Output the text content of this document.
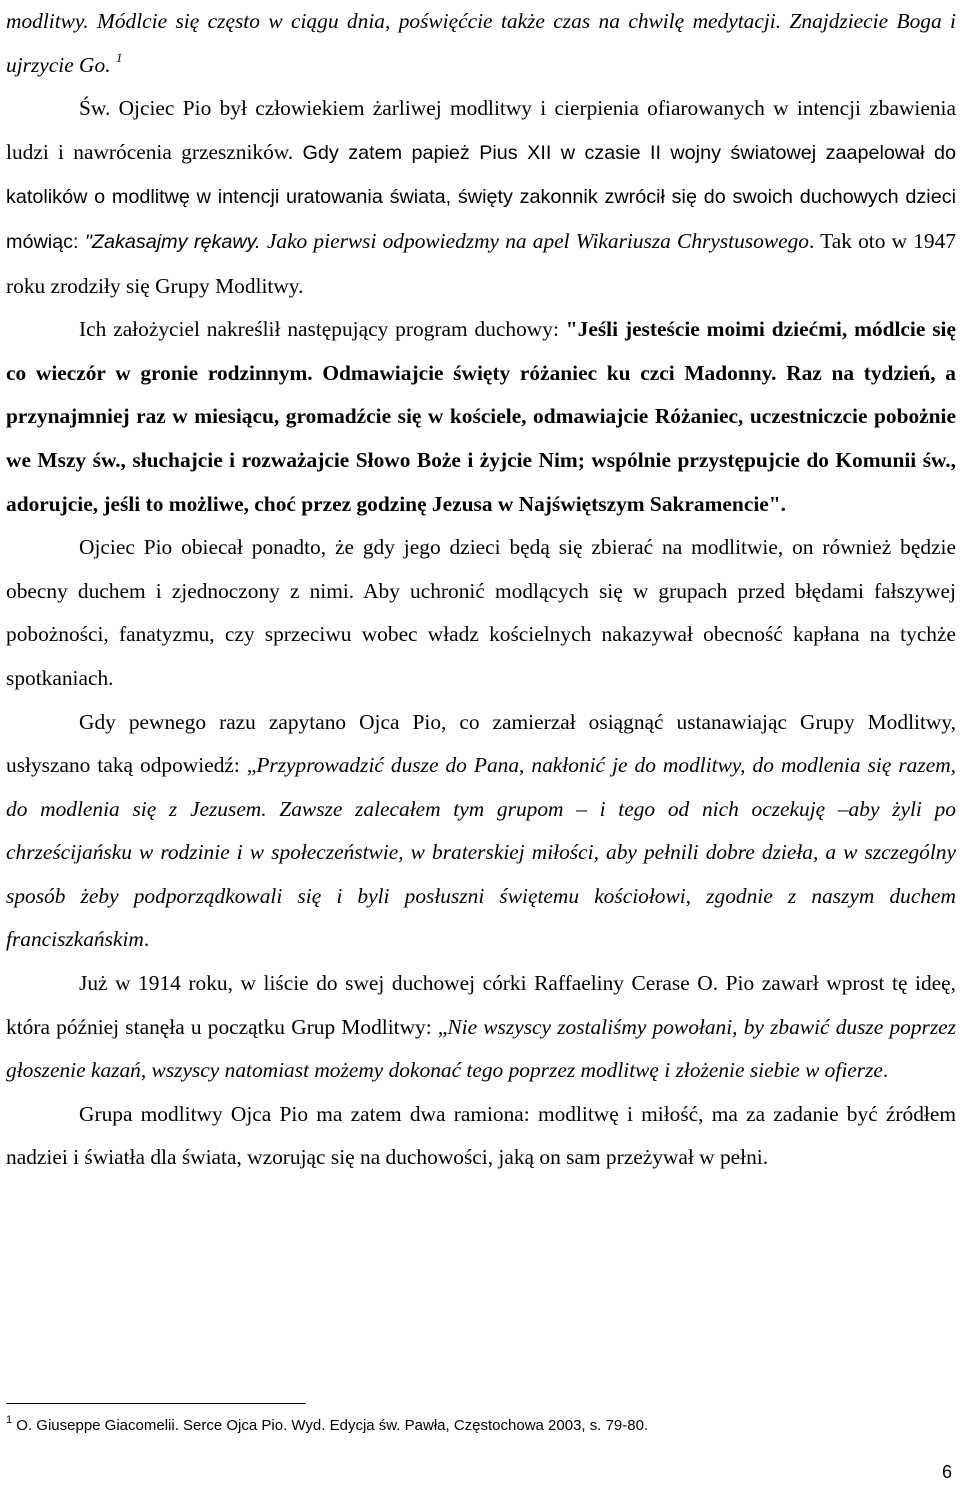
modlitwy. Módlcie się często w ciągu dnia, poświęćcie także czas na chwilę medytacji. Znajdziecie Boga i ujrzycie Go. $^1$

Św. Ojciec Pio był człowiekiem żarliwej modlitwy i cierpienia ofiarowanych w intencji zbawienia ludzi i nawrócenia grzeszników. Gdy zatem papież Pius XII w czasie II wojny światowej zaapelował do katolików o modlitwę w intencji uratowania świata, święty zakonnik zwrócił się do swoich duchowych dzieci mówiąc: "Zakasajmy rękawy. Jako pierwsi odpowiedzmy na apel Wikariusza Chrystusowego. Tak oto w 1947 roku zrodziły się Grupy Modlitwy.

Ich założyciel nakreślił następujący program duchowy: "Jeśli jesteście moimi dziećmi, módlcie się co wieczór w gronie rodzinnym. Odmawiajcie święty różaniec ku czci Madonny. Raz na tydzień, a przynajmniej raz w miesiącu, gromadźcie się w kościele, odmawiajcie Różaniec, uczestniczcie pobożnie we Mszy św., słuchajcie i rozważajcie Słowo Boże i żyjcie Nim; wspólnie przystępujcie do Komunii św., adorujcie, jeśli to możliwe, choć przez godzinę Jezusa w Najświętszym Sakramencie".

Ojciec Pio obiecał ponadto, że gdy jego dzieci będą się zbierać na modlitwie, on również będzie obecny duchem i zjednoczony z nimi. Aby uchronić modlących się w grupach przed błędami fałszywej pobożności, fanatyzmu, czy sprzeciwu wobec władz kościelnych nakazywał obecność kapłana na tychże spotkaniach.

Gdy pewnego razu zapytano Ojca Pio, co zamierzał osiągnąć ustanawiając Grupy Modlitwy, usłyszano taką odpowiedź: „Przyprowadzić dusze do Pana, nakłonić je do modlitwy, do modlenia się razem, do modlenia się z Jezusem. Zawsze zalecałem tym grupom – i tego od nich oczekuję –aby żyli po chrześcijańsku w rodzinie i w społeczeństwie, w braterskiej miłości, aby pełnili dobre dzieła, a w szczególny sposób żeby podporządkowali się i byli posłuszni świętemu kościołowi, zgodnie z naszym duchem franciszkańskim.

Już w 1914 roku, w liście do swej duchowej córki Raffaeliny Cerase O. Pio zawarł wprost tę ideę, która później stanęła u początku Grup Modlitwy: „Nie wszyscy zostaliśmy powołani, by zbawić dusze poprzez głoszenie kazań, wszyscy natomiast możemy dokonać tego poprzez modlitwę i złożenie siebie w ofierze.

Grupa modlitwy Ojca Pio ma zatem dwa ramiona: modlitwę i miłość, ma za zadanie być źródłem nadziei i światła dla świata, wzorując się na duchowości, jaką on sam przeżywał w pełni.

$^1$ O. Giuseppe Giacomelii. Serce Ojca Pio. Wyd. Edycja św. Pawła, Częstochowa 2003, s. 79-80.
6
